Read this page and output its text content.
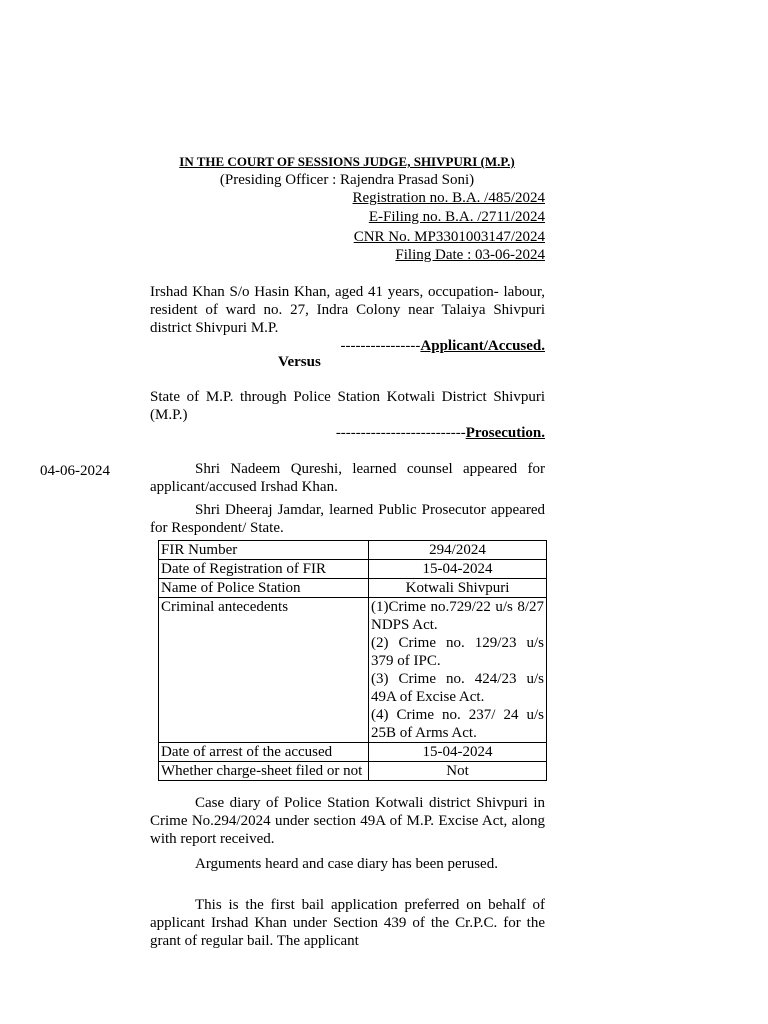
IN THE COURT OF SESSIONS JUDGE, SHIVPURI (M.P.)
(Presiding Officer : Rajendra Prasad Soni)
Registration no. B.A. /485/2024
E-Filing no. B.A. /2711/2024
CNR No. MP3301003147/2024
Filing Date : 03-06-2024
Irshad Khan S/o Hasin Khan, aged 41 years, occupation- labour, resident of ward no. 27, Indra Colony near Talaiya Shivpuri district Shivpuri M.P.
----------------Applicant/Accused.
Versus
State of M.P. through Police Station Kotwali District Shivpuri (M.P.)
--------------------------Prosecution.
04-06-2024	Shri Nadeem Qureshi, learned counsel appeared for applicant/accused Irshad Khan.
Shri Dheeraj Jamdar, learned Public Prosecutor appeared for Respondent/ State.
FIR Number	294/2024
Date of Registration of FIR	15-04-2024
Name of Police Station	Kotwali Shivpuri
Criminal antecedents	(1)Crime no.729/22 u/s 8/27 NDPS Act.
(2) Crime no. 129/23 u/s 379 of IPC.
(3) Crime no. 424/23 u/s 49A of Excise Act.
(4) Crime no. 237/ 24 u/s 25B of Arms Act.

Date of arrest of the accused	15-04-2024
Whether charge-sheet filed or not	Not
Case diary of Police Station Kotwali district Shivpuri in Crime No.294/2024 under section 49A of M.P. Excise Act, along with report received.
Arguments heard and case diary has been perused.
This is the first bail application preferred on behalf of applicant Irshad Khan under Section 439 of the Cr.P.C. for the grant of regular bail. The applicant
